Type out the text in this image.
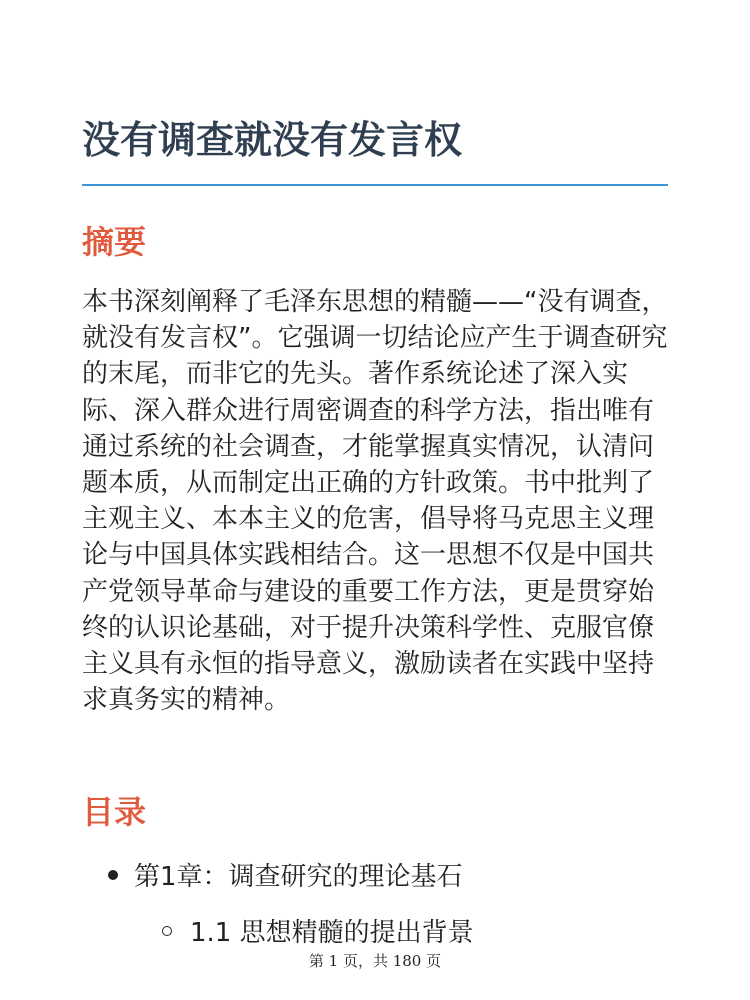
没有调查就没有发言权
摘要

本书深刻阐释了毛泽东思想的精髓——“没有调查，就没有发言权”。它强调一切结论应产生于调查研究的末尾，而非它的先头。著作系统论述了深入实际、深入群众进行周密调查的科学方法，指出唯有通过系统的社会调查，才能掌握真实情况，认清问题本质，从而制定出正确的方针政策。书中批判了主观主义、本本主义的危害，倡导将马克思主义理论与中国具体实践相结合。这一思想不仅是中国共产党领导革命与建设的重要工作方法，更是贯穿始终的认识论基础，对于提升决策科学性、克服官僚主义具有永恒的指导意义，激励读者在实践中坚持求真务实的精神。

目录
第1章：调查研究的理论基石
1.1 思想精髓的提出背景
第 1 页，共 180 页
